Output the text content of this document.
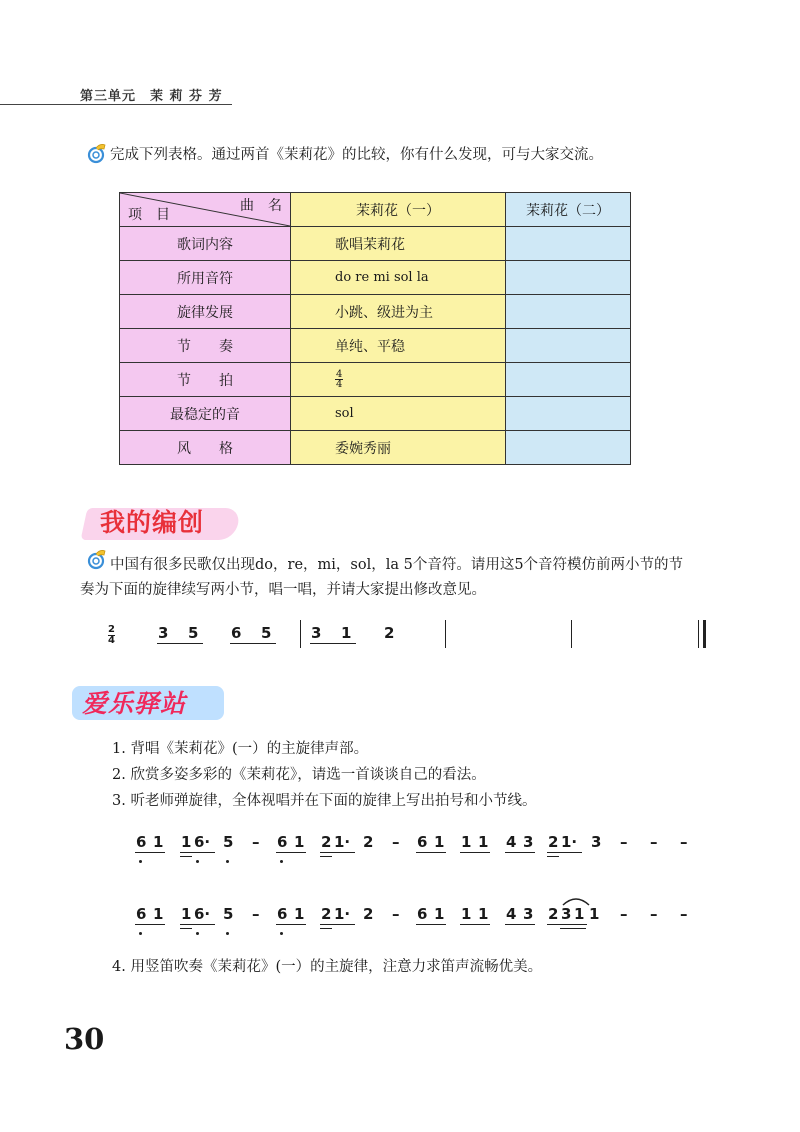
第三单元　茉 莉 芬 芳
完成下列表格。通过两首《茉莉花》的比较，你有什么发现，可与大家交流。
曲　名
项　目	茉莉花（一）	茉莉花（二）
歌词内容	歌唱茉莉花	
所用音符	do re mi sol la	
旋律发展	小跳、级进为主	
节　　奏	单纯、平稳	
节　　拍	$\frac{4}{4}$

最稳定的音	sol	
风　　格	委婉秀丽	
我的编创
中国有很多民歌仅出现do，re，mi，sol，la 5个音符。请用这5个音符模仿前两小节的节
奏为下面的旋律续写两小节，唱一唱，并请大家提出修改意见。
2
4	3 5 6 5	3 1 2
爱乐驿站
1. 背唱《茉莉花》(一）的主旋律声部。
2. 欣赏多姿多彩的《茉莉花》，请选一首谈谈自己的看法。
3. 听老师弹旋律，全体视唱并在下面的旋律上写出拍号和小节线。
6 1 1 6· 5 – 6 1 2 1· 2 – 6 1 1 1 4 3 2 1· 3 – – –
6 1 1 6· 5 – 6 1 2 1· 2 – 6 1 1 1 4 3 2 3 1 1 – – –
4. 用竖笛吹奏《茉莉花》(一）的主旋律，注意力求笛声流畅优美。
30
